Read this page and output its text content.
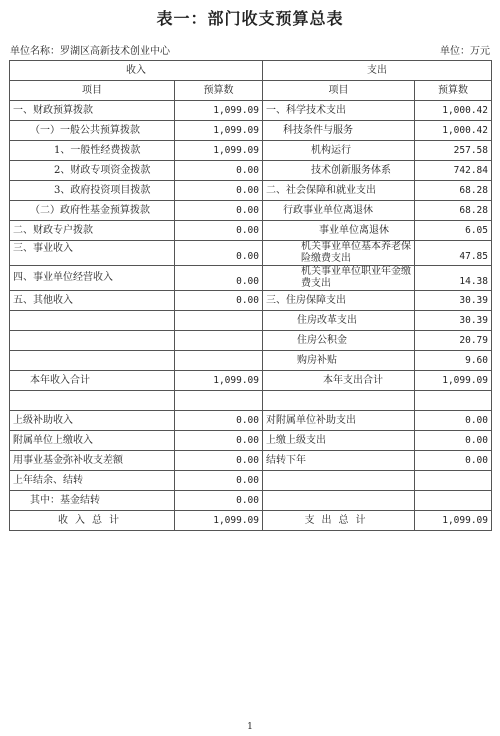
表一：部门收支预算总表
单位名称：罗湖区高新技术创业中心	单位：万元
收入		支出	
项目	预算数	项目	预算数
一、财政预算拨款	1,099.09	一、科学技术支出	1,000.42
（一）一般公共预算拨款	1,099.09	科技条件与服务	1,000.42
1、一般性经费拨款	1,099.09	机构运行	257.58
2、财政专项资金拨款	0.00	技术创新服务体系	742.84
3、政府投资项目拨款	0.00	二、社会保障和就业支出	68.28
（二）政府性基金预算拨款	0.00	行政事业单位离退休	68.28
二、财政专户拨款	0.00	事业单位离退休	6.05
三、事业收入	0.00	机关事业单位基本养老保险缴费支出	47.85
四、事业单位经营收入	0.00	机关事业单位职业年金缴费支出	14.38
五、其他收入	0.00	三、住房保障支出	30.39
		住房改革支出	30.39
		住房公积金	20.79
		购房补贴	9.60
本年收入合计	1,099.09	本年支出合计	1,099.09

上级补助收入	0.00	对附属单位补助支出	0.00
附属单位上缴收入	0.00	上缴上级支出	0.00
用事业基金弥补收支差额	0.00	结转下年	0.00
上年结余、结转	0.00		
其中：基金结转	0.00		
收入总计	1,099.09	支出总计	1,099.09
1
